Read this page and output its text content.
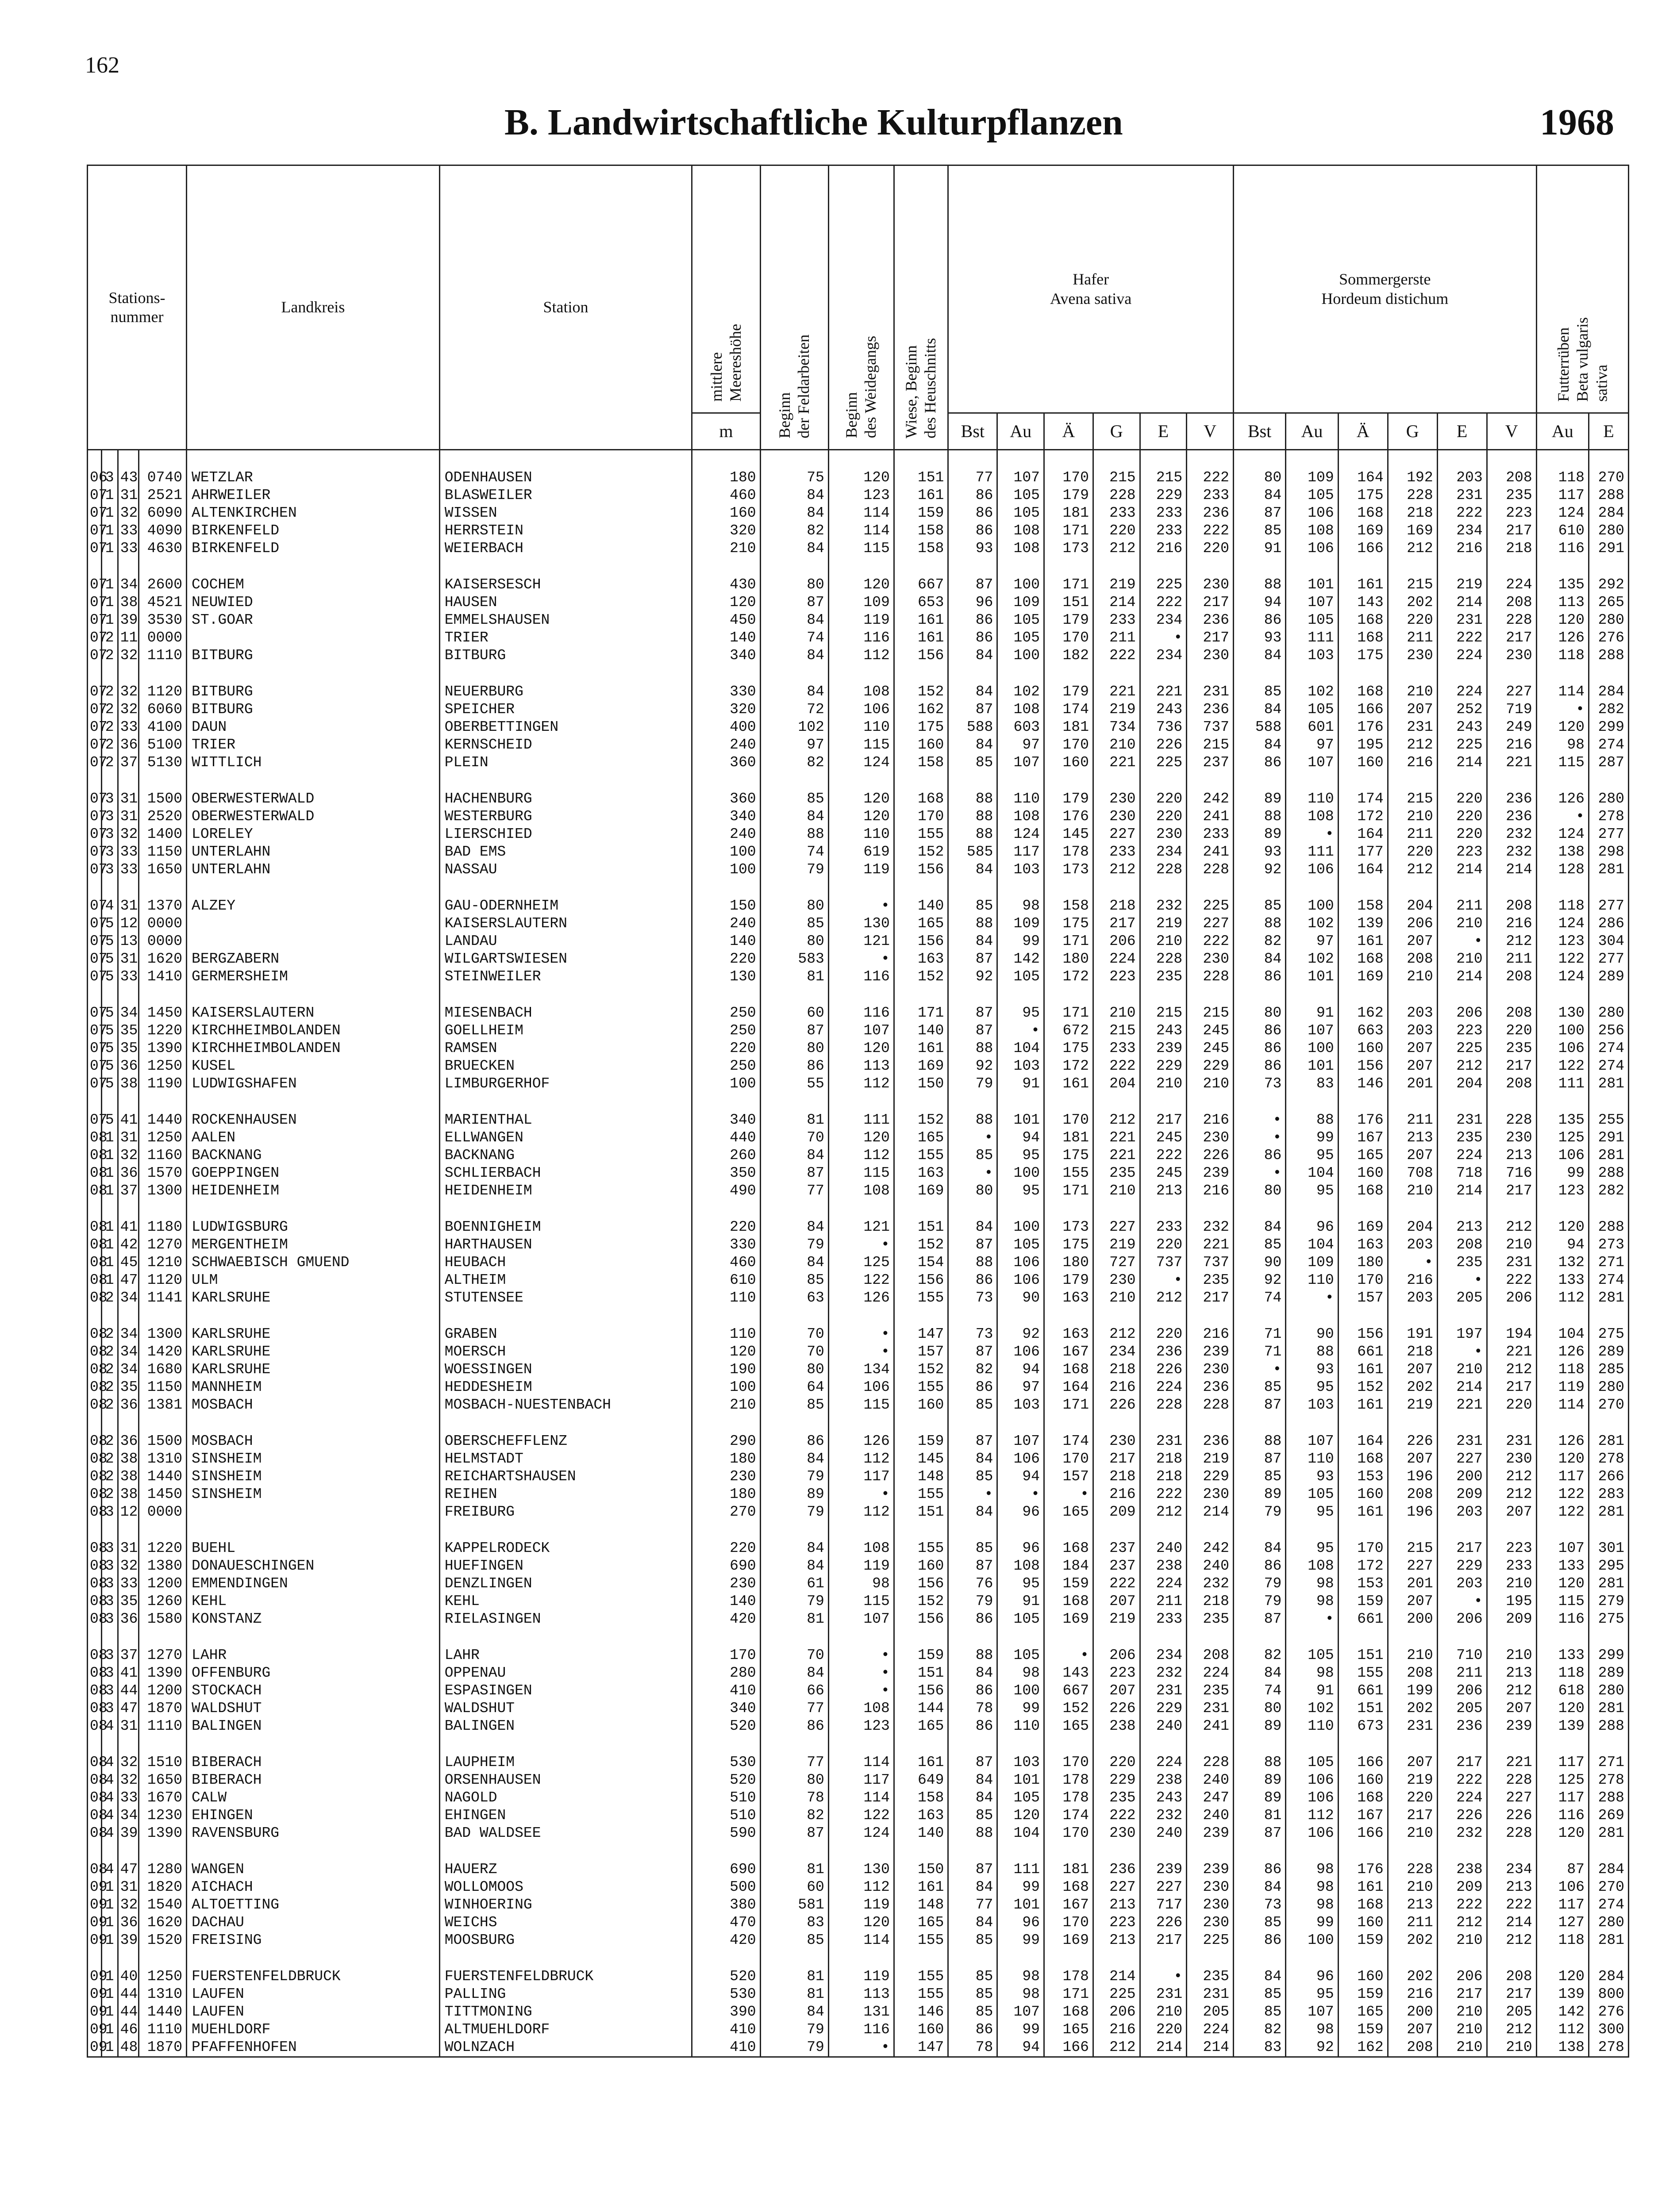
162
B. Landwirtschaftliche Kulturpflanzen	1968
Stations-
nummer				Landkreis	Station	mittlere
Meereshöhe	Beginn
der Feldarbeiten	Beginn
des Weidegangs	Wiese, Beginn
des Heuschnitts	Hafer
Avena sativa						Sommergerste
Hordeum distichum						Futterrüben
Beta vulgaris
sativa	
						m				Bst	Au	Ä	G	E	V	Bst	Au	Ä	G	E	V	Au	E

06	3	43	0740	WETZLAR	ODENHAUSEN	180	75	120	151	77	107	170	215	215	222	80	109	164	192	203	208	118	270
07	1	31	2521	AHRWEILER	BLASWEILER	460	84	123	161	86	105	179	228	229	233	84	105	175	228	231	235	117	288
07	1	32	6090	ALTENKIRCHEN	WISSEN	160	84	114	159	86	105	181	233	233	236	87	106	168	218	222	223	124	284
07	1	33	4090	BIRKENFELD	HERRSTEIN	320	82	114	158	86	108	171	220	233	222	85	108	169	169	234	217	610	280
07	1	33	4630	BIRKENFELD	WEIERBACH	210	84	115	158	93	108	173	212	216	220	91	106	166	212	216	218	116	291

07	1	34	2600	COCHEM	KAISERSESCH	430	80	120	667	87	100	171	219	225	230	88	101	161	215	219	224	135	292
07	1	38	4521	NEUWIED	HAUSEN	120	87	109	653	96	109	151	214	222	217	94	107	143	202	214	208	113	265
07	1	39	3530	ST.GOAR	EMMELSHAUSEN	450	84	119	161	86	105	179	233	234	236	86	105	168	220	231	228	120	280
07	2	11	0000		TRIER	140	74	116	161	86	105	170	211	•	217	93	111	168	211	222	217	126	276
07	2	32	1110	BITBURG	BITBURG	340	84	112	156	84	100	182	222	234	230	84	103	175	230	224	230	118	288

07	2	32	1120	BITBURG	NEUERBURG	330	84	108	152	84	102	179	221	221	231	85	102	168	210	224	227	114	284
07	2	32	6060	BITBURG	SPEICHER	320	72	106	162	87	108	174	219	243	236	84	105	166	207	252	719	•	282
07	2	33	4100	DAUN	OBERBETTINGEN	400	102	110	175	588	603	181	734	736	737	588	601	176	231	243	249	120	299
07	2	36	5100	TRIER	KERNSCHEID	240	97	115	160	84	97	170	210	226	215	84	97	195	212	225	216	98	274
07	2	37	5130	WITTLICH	PLEIN	360	82	124	158	85	107	160	221	225	237	86	107	160	216	214	221	115	287

07	3	31	1500	OBERWESTERWALD	HACHENBURG	360	85	120	168	88	110	179	230	220	242	89	110	174	215	220	236	126	280
07	3	31	2520	OBERWESTERWALD	WESTERBURG	340	84	120	170	88	108	176	230	220	241	88	108	172	210	220	236	•	278
07	3	32	1400	LORELEY	LIERSCHIED	240	88	110	155	88	124	145	227	230	233	89	•	164	211	220	232	124	277
07	3	33	1150	UNTERLAHN	BAD EMS	100	74	619	152	585	117	178	233	234	241	93	111	177	220	223	232	138	298
07	3	33	1650	UNTERLAHN	NASSAU	100	79	119	156	84	103	173	212	228	228	92	106	164	212	214	214	128	281

07	4	31	1370	ALZEY	GAU-ODERNHEIM	150	80	•	140	85	98	158	218	232	225	85	100	158	204	211	208	118	277
07	5	12	0000		KAISERSLAUTERN	240	85	130	165	88	109	175	217	219	227	88	102	139	206	210	216	124	286
07	5	13	0000		LANDAU	140	80	121	156	84	99	171	206	210	222	82	97	161	207	•	212	123	304
07	5	31	1620	BERGZABERN	WILGARTSWIESEN	220	583	•	163	87	142	180	224	228	230	84	102	168	208	210	211	122	277
07	5	33	1410	GERMERSHEIM	STEINWEILER	130	81	116	152	92	105	172	223	235	228	86	101	169	210	214	208	124	289

07	5	34	1450	KAISERSLAUTERN	MIESENBACH	250	60	116	171	87	95	171	210	215	215	80	91	162	203	206	208	130	280
07	5	35	1220	KIRCHHEIMBOLANDEN	GOELLHEIM	250	87	107	140	87	•	672	215	243	245	86	107	663	203	223	220	100	256
07	5	35	1390	KIRCHHEIMBOLANDEN	RAMSEN	220	80	120	161	88	104	175	233	239	245	86	100	160	207	225	235	106	274
07	5	36	1250	KUSEL	BRUECKEN	250	86	113	169	92	103	172	222	229	229	86	101	156	207	212	217	122	274
07	5	38	1190	LUDWIGSHAFEN	LIMBURGERHOF	100	55	112	150	79	91	161	204	210	210	73	83	146	201	204	208	111	281

07	5	41	1440	ROCKENHAUSEN	MARIENTHAL	340	81	111	152	88	101	170	212	217	216	•	88	176	211	231	228	135	255
08	1	31	1250	AALEN	ELLWANGEN	440	70	120	165	•	94	181	221	245	230	•	99	167	213	235	230	125	291
08	1	32	1160	BACKNANG	BACKNANG	260	84	112	155	85	95	175	221	222	226	86	95	165	207	224	213	106	281
08	1	36	1570	GOEPPINGEN	SCHLIERBACH	350	87	115	163	•	100	155	235	245	239	•	104	160	708	718	716	99	288
08	1	37	1300	HEIDENHEIM	HEIDENHEIM	490	77	108	169	80	95	171	210	213	216	80	95	168	210	214	217	123	282

08	1	41	1180	LUDWIGSBURG	BOENNIGHEIM	220	84	121	151	84	100	173	227	233	232	84	96	169	204	213	212	120	288
08	1	42	1270	MERGENTHEIM	HARTHAUSEN	330	79	•	152	87	105	175	219	220	221	85	104	163	203	208	210	94	273
08	1	45	1210	SCHWAEBISCH GMUEND	HEUBACH	460	84	125	154	88	106	180	727	737	737	90	109	180	•	235	231	132	271
08	1	47	1120	ULM	ALTHEIM	610	85	122	156	86	106	179	230	•	235	92	110	170	216	•	222	133	274
08	2	34	1141	KARLSRUHE	STUTENSEE	110	63	126	155	73	90	163	210	212	217	74	•	157	203	205	206	112	281

08	2	34	1300	KARLSRUHE	GRABEN	110	70	•	147	73	92	163	212	220	216	71	90	156	191	197	194	104	275
08	2	34	1420	KARLSRUHE	MOERSCH	120	70	•	157	87	106	167	234	236	239	71	88	661	218	•	221	126	289
08	2	34	1680	KARLSRUHE	WOESSINGEN	190	80	134	152	82	94	168	218	226	230	•	93	161	207	210	212	118	285
08	2	35	1150	MANNHEIM	HEDDESHEIM	100	64	106	155	86	97	164	216	224	236	85	95	152	202	214	217	119	280
08	2	36	1381	MOSBACH	MOSBACH-NUESTENBACH	210	85	115	160	85	103	171	226	228	228	87	103	161	219	221	220	114	270

08	2	36	1500	MOSBACH	OBERSCHEFFLENZ	290	86	126	159	87	107	174	230	231	236	88	107	164	226	231	231	126	281
08	2	38	1310	SINSHEIM	HELMSTADT	180	84	112	145	84	106	170	217	218	219	87	110	168	207	227	230	120	278
08	2	38	1440	SINSHEIM	REICHARTSHAUSEN	230	79	117	148	85	94	157	218	218	229	85	93	153	196	200	212	117	266
08	2	38	1450	SINSHEIM	REIHEN	180	89	•	155	•	•	•	216	222	230	89	105	160	208	209	212	122	283
08	3	12	0000		FREIBURG	270	79	112	151	84	96	165	209	212	214	79	95	161	196	203	207	122	281

08	3	31	1220	BUEHL	KAPPELRODECK	220	84	108	155	85	96	168	237	240	242	84	95	170	215	217	223	107	301
08	3	32	1380	DONAUESCHINGEN	HUEFINGEN	690	84	119	160	87	108	184	237	238	240	86	108	172	227	229	233	133	295
08	3	33	1200	EMMENDINGEN	DENZLINGEN	230	61	98	156	76	95	159	222	224	232	79	98	153	201	203	210	120	281
08	3	35	1260	KEHL	KEHL	140	79	115	152	79	91	168	207	211	218	79	98	159	207	•	195	115	279
08	3	36	1580	KONSTANZ	RIELASINGEN	420	81	107	156	86	105	169	219	233	235	87	•	661	200	206	209	116	275

08	3	37	1270	LAHR	LAHR	170	70	•	159	88	105	•	206	234	208	82	105	151	210	710	210	133	299
08	3	41	1390	OFFENBURG	OPPENAU	280	84	•	151	84	98	143	223	232	224	84	98	155	208	211	213	118	289
08	3	44	1200	STOCKACH	ESPASINGEN	410	66	•	156	86	100	667	207	231	235	74	91	661	199	206	212	618	280
08	3	47	1870	WALDSHUT	WALDSHUT	340	77	108	144	78	99	152	226	229	231	80	102	151	202	205	207	120	281
08	4	31	1110	BALINGEN	BALINGEN	520	86	123	165	86	110	165	238	240	241	89	110	673	231	236	239	139	288

08	4	32	1510	BIBERACH	LAUPHEIM	530	77	114	161	87	103	170	220	224	228	88	105	166	207	217	221	117	271
08	4	32	1650	BIBERACH	ORSENHAUSEN	520	80	117	649	84	101	178	229	238	240	89	106	160	219	222	228	125	278
08	4	33	1670	CALW	NAGOLD	510	78	114	158	84	105	178	235	243	247	89	106	168	220	224	227	117	288
08	4	34	1230	EHINGEN	EHINGEN	510	82	122	163	85	120	174	222	232	240	81	112	167	217	226	226	116	269
08	4	39	1390	RAVENSBURG	BAD WALDSEE	590	87	124	140	88	104	170	230	240	239	87	106	166	210	232	228	120	281

08	4	47	1280	WANGEN	HAUERZ	690	81	130	150	87	111	181	236	239	239	86	98	176	228	238	234	87	284
09	1	31	1820	AICHACH	WOLLOMOOS	500	60	112	161	84	99	168	227	227	230	84	98	161	210	209	213	106	270
09	1	32	1540	ALTOETTING	WINHOERING	380	581	119	148	77	101	167	213	717	230	73	98	168	213	222	222	117	274
09	1	36	1620	DACHAU	WEICHS	470	83	120	165	84	96	170	223	226	230	85	99	160	211	212	214	127	280
09	1	39	1520	FREISING	MOOSBURG	420	85	114	155	85	99	169	213	217	225	86	100	159	202	210	212	118	281

09	1	40	1250	FUERSTENFELDBRUCK	FUERSTENFELDBRUCK	520	81	119	155	85	98	178	214	•	235	84	96	160	202	206	208	120	284
09	1	44	1310	LAUFEN	PALLING	530	81	113	155	85	98	171	225	231	231	85	95	159	216	217	217	139	800
09	1	44	1440	LAUFEN	TITTMONING	390	84	131	146	85	107	168	206	210	205	85	107	165	200	210	205	142	276
09	1	46	1110	MUEHLDORF	ALTMUEHLDORF	410	79	116	160	86	99	165	216	220	224	82	98	159	207	210	212	112	300
09	1	48	1870	PFAFFENHOFEN	WOLNZACH	410	79	•	147	78	94	166	212	214	214	83	92	162	208	210	210	138	278
